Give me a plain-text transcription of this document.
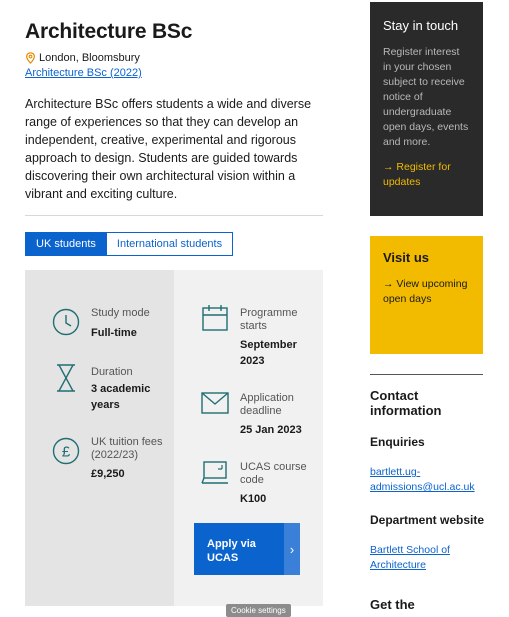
Architecture BSc
London, Bloomsbury
Architecture BSc (2022)

Architecture BSc offers students a wide and diverse range of experiences so that they can develop an independent, creative, experimental and rigorous approach to design. Students are guided towards discovering their own architectural vision within a vibrant and exciting culture.

UK students	International students
Study mode
Full-time
Duration
3 academic years
£
UK tuition fees (2022/23)
£9,250
Programme starts
September 2023
Application deadline
25 Jan 2023
UCAS course code
K100
Apply via UCAS
›
Cookie settings
Stay in touch

Register interest in your chosen subject to receive notice of undergraduate open days, events and more.

→ Register for updates
Visit us
→ View upcoming open days
Contact information
Enquiries
bartlett.ug-admissions@ucl.ac.uk
Department website
Bartlett School of Architecture
Get the
